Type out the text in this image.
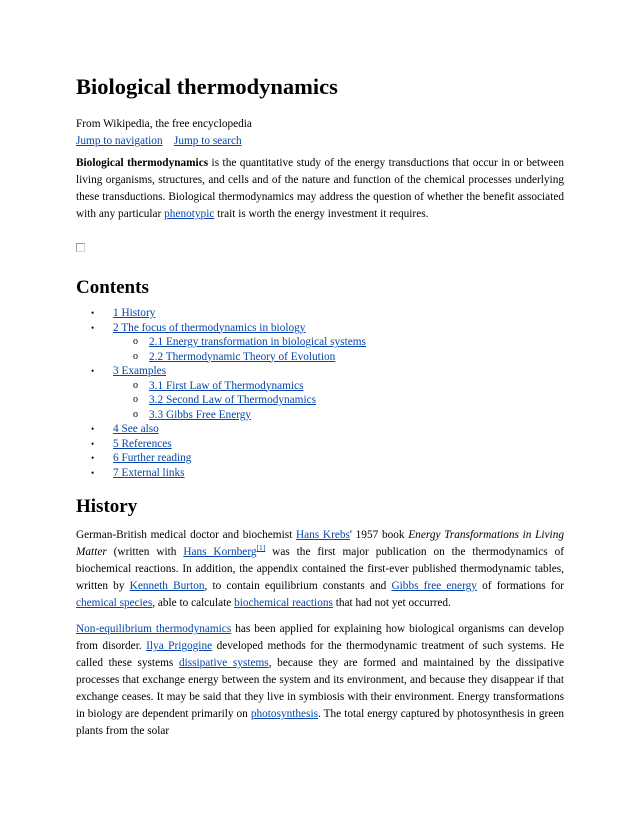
Biological thermodynamics
From Wikipedia, the free encyclopedia
Jump to navigation Jump to search

Biological thermodynamics is the quantitative study of the energy transductions that occur in or between living organisms, structures, and cells and of the nature and function of the chemical processes underlying these transductions. Biological thermodynamics may address the question of whether the benefit associated with any particular phenotypic trait is worth the energy investment it requires.

Contents
• 1 History
• 2 The focus of thermodynamics in biology
o 2.1 Energy transformation in biological systems
o 2.2 Thermodynamic Theory of Evolution
• 3 Examples
o 3.1 First Law of Thermodynamics
o 3.2 Second Law of Thermodynamics
o 3.3 Gibbs Free Energy
• 4 See also
• 5 References
• 6 Further reading
• 7 External links
History

German-British medical doctor and biochemist Hans Krebs' 1957 book Energy Transformations in Living Matter (written with Hans Kornberg[1] was the first major publication on the thermodynamics of biochemical reactions. In addition, the appendix contained the first-ever published thermodynamic tables, written by Kenneth Burton, to contain equilibrium constants and Gibbs free energy of formations for chemical species, able to calculate biochemical reactions that had not yet occurred.

Non-equilibrium thermodynamics has been applied for explaining how biological organisms can develop from disorder. Ilya Prigogine developed methods for the thermodynamic treatment of such systems. He called these systems dissipative systems, because they are formed and maintained by the dissipative processes that exchange energy between the system and its environment, and because they disappear if that exchange ceases. It may be said that they live in symbiosis with their environment. Energy transformations in biology are dependent primarily on photosynthesis. The total energy captured by photosynthesis in green plants from the solar
